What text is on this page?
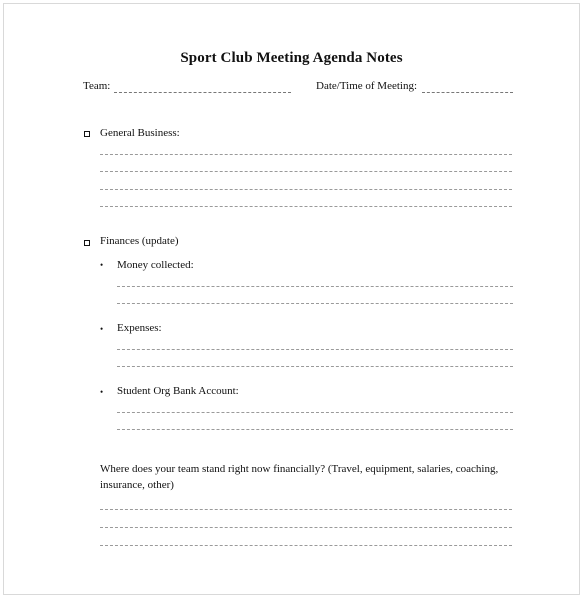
Sport Club Meeting Agenda Notes
Team:	Date/Time of Meeting:
General Business:
Finances (update)
• Money collected:
• Expenses:
• Student Org Bank Account:
Where does your team stand right now financially? (Travel, equipment, salaries, coaching, insurance, other)
